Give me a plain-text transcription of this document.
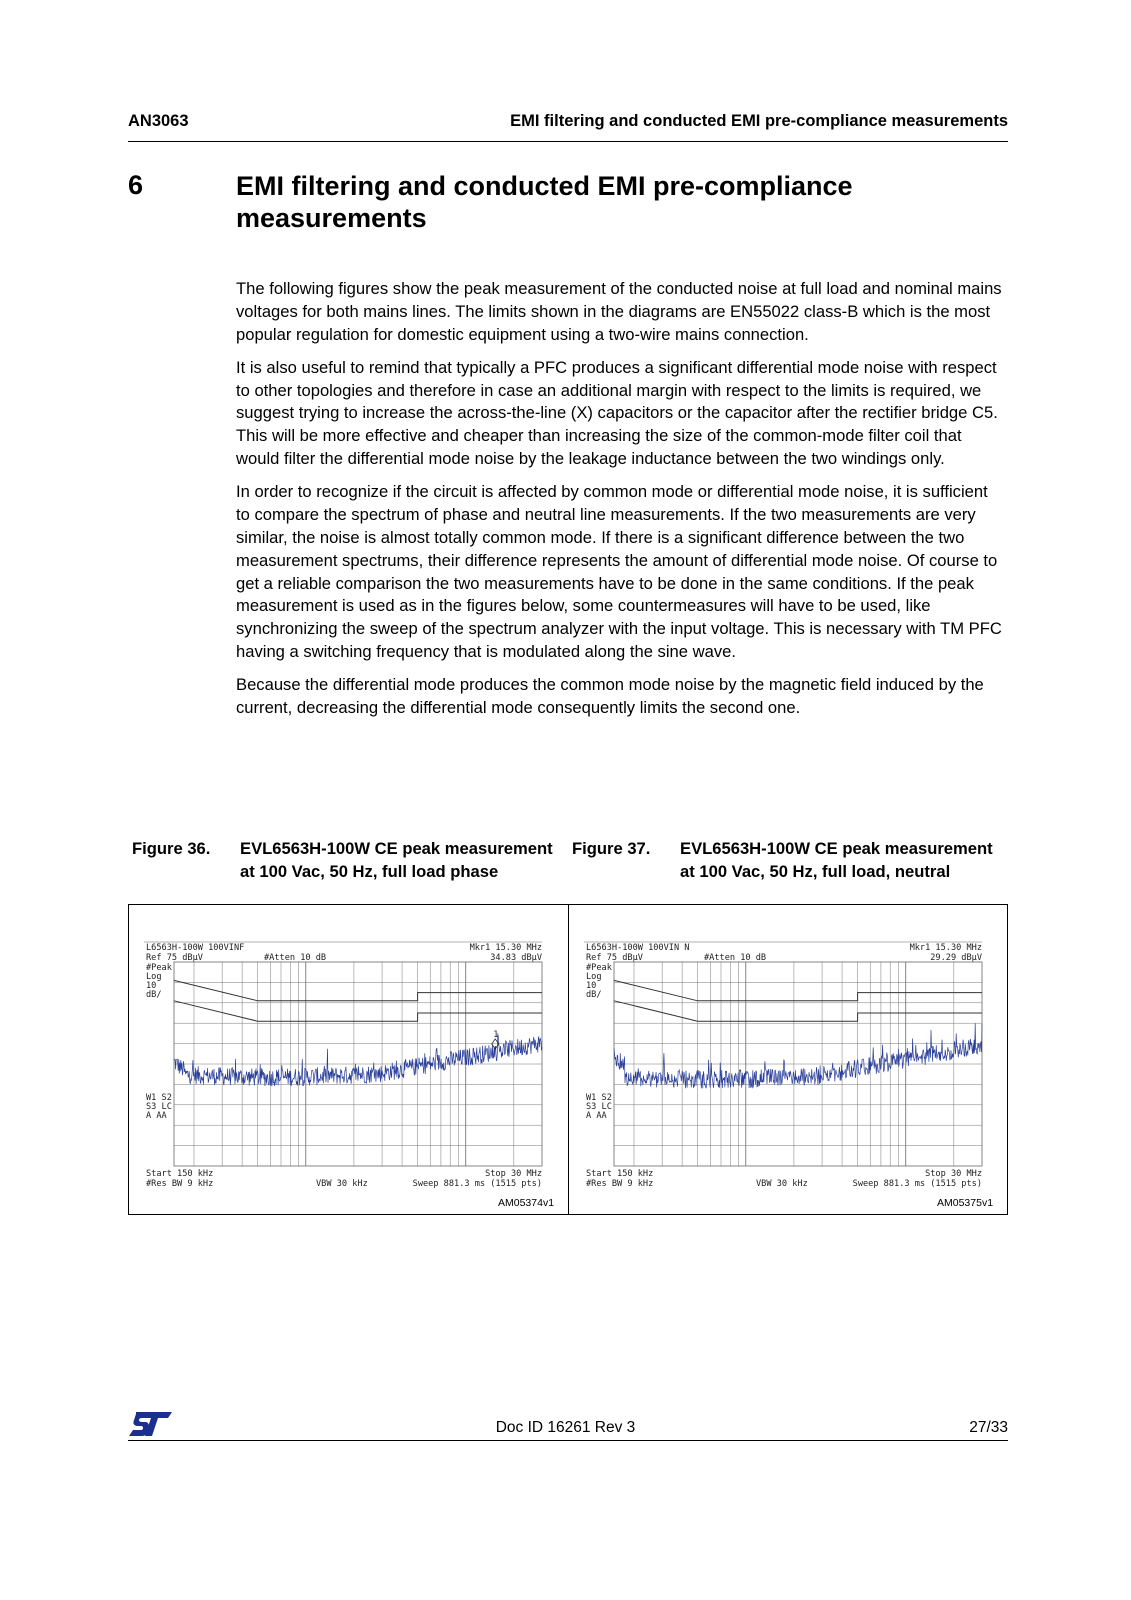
AN3063	EMI filtering and conducted EMI pre-compliance measurements
6	EMI filtering and conducted EMI pre-compliance measurements

The following figures show the peak measurement of the conducted noise at full load and nominal mains voltages for both mains lines. The limits shown in the diagrams are EN55022 class-B which is the most popular regulation for domestic equipment using a two-wire mains connection.

It is also useful to remind that typically a PFC produces a significant differential mode noise with respect to other topologies and therefore in case an additional margin with respect to the limits is required, we suggest trying to increase the across-the-line (X) capacitors or the capacitor after the rectifier bridge C5. This will be more effective and cheaper than increasing the size of the common-mode filter coil that would filter the differential mode noise by the leakage inductance between the two windings only.

In order to recognize if the circuit is affected by common mode or differential mode noise, it is sufficient to compare the spectrum of phase and neutral line measurements. If the two measurements are very similar, the noise is almost totally common mode. If there is a significant difference between the two measurement spectrums, their difference represents the amount of differential mode noise. Of course to get a reliable comparison the two measurements have to be done in the same conditions. If the peak measurement is used as in the figures below, some countermeasures will have to be used, like synchronizing the sweep of the spectrum analyzer with the input voltage. This is necessary with TM PFC having a switching frequency that is modulated along the sine wave.

Because the differential mode produces the common mode noise by the magnetic field induced by the current, decreasing the differential mode consequently limits the second one.

Figure 36. EVL6563H-100W CE peak measurement at 100 Vac, 50 Hz, full load phase
Figure 37. EVL6563H-100W CE peak measurement at 100 Vac, 50 Hz, full load, neutral
L6563H-100W 100VINF	Mkr1 15.30 MHz
Ref 75 dBµV	#Atten 10 dB	34.83 dBµV
#Peak
Log
10
dB/
W1 S2
S3 LC
A AA
1
Start 150 kHz	Stop 30 MHz
#Res BW 9 kHz	VBW 30 kHz	Sweep 881.3 ms (1515 pts)
L6563H-100W 100VIN N	Mkr1 15.30 MHz
Ref 75 dBµV	#Atten 10 dB	29.29 dBµV
#Peak
Log
10
dB/
W1 S2
S3 LC
A AA
Start 150 kHz	Stop 30 MHz
#Res BW 9 kHz	VBW 30 kHz	Sweep 881.3 ms (1515 pts)
AM05374v1	AM05375v1
Doc ID 16261 Rev 3	27/33
